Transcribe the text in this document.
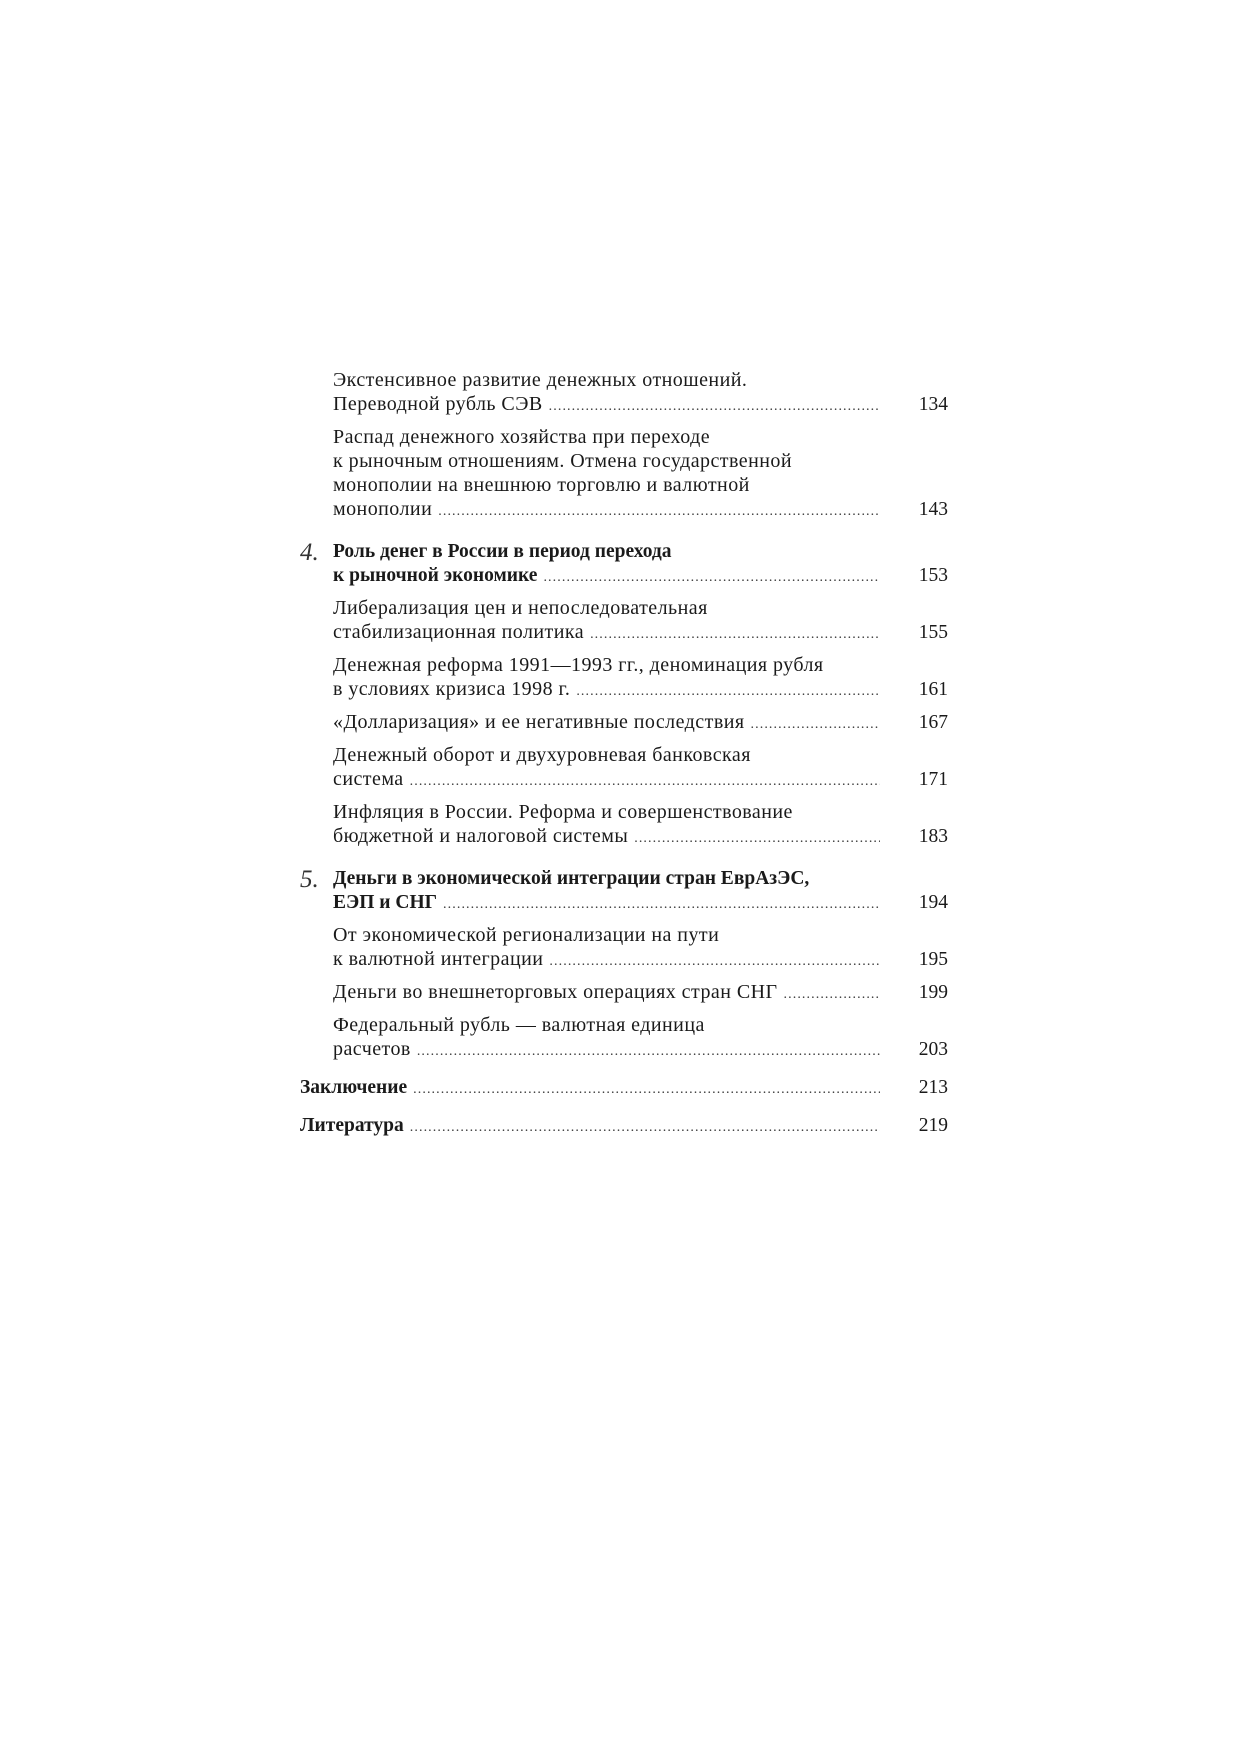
Экстенсивное развитие денежных отношений.
Переводной рубль СЭВ . . .	134
Распад денежного хозяйства при переходе
к рыночным отношениям. Отмена государственной
монополии на внешнюю торговлю и валютной
монополии . . .	143
4. Роль денег в России в период перехода
к рыночной экономике . . .	153
Либерализация цен и непоследовательная
стабилизационная политика . . .	155
Денежная реформа 1991—1993 гг., деноминация рубля
в условиях кризиса 1998 г. . . .	161
«Долларизация» и ее негативные последствия . . .	167
Денежный оборот и двухуровневая банковская
система . . .	171
Инфляция в России. Реформа и совершенствование
бюджетной и налоговой системы . . .	183
5. Деньги в экономической интеграции стран ЕврАзЭС,
ЕЭП и СНГ . . .	194
От экономической регионализации на пути
к валютной интеграции . . .	195
Деньги во внешнеторговых операциях стран СНГ . . .	199
Федеральный рубль — валютная единица
расчетов . . .	203
Заключение . . .	213
Литература . . .	219
